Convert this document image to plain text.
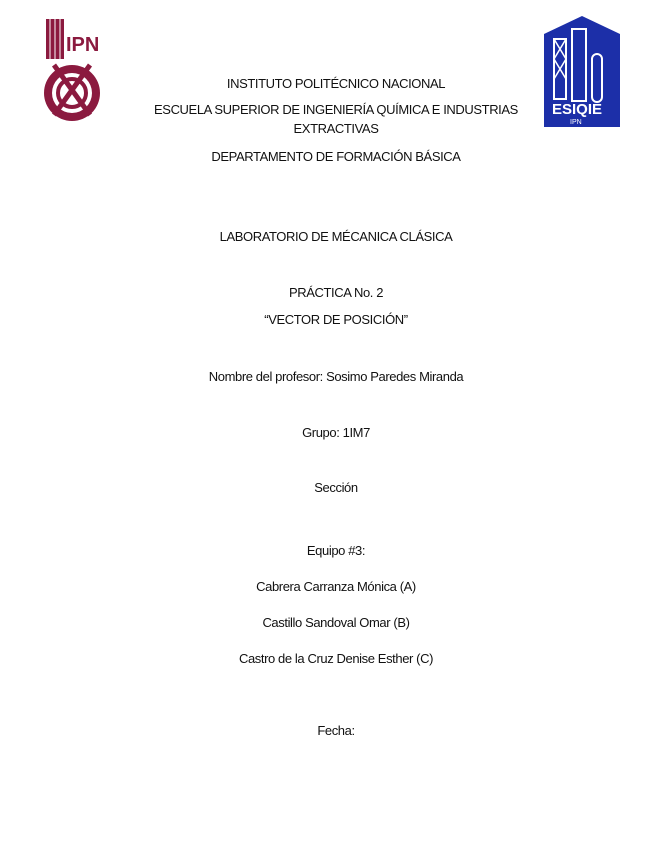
IPN
ESIQIE
IPN
INSTITUTO POLITÉCNICO NACIONAL
ESCUELA SUPERIOR DE INGENIERÍA QUÍMICA E INDUSTRIAS
EXTRACTIVAS
DEPARTAMENTO DE FORMACIÓN BÁSICA
LABORATORIO DE MÉCANICA CLÁSICA
PRÁCTICA No. 2
“VECTOR DE POSICIÓN”
Nombre del profesor: Sosimo Paredes Miranda
Grupo: 1IM7
Sección
Equipo #3:
Cabrera Carranza Mónica (A)
Castillo Sandoval Omar (B)
Castro de la Cruz Denise Esther (C)
Fecha:
